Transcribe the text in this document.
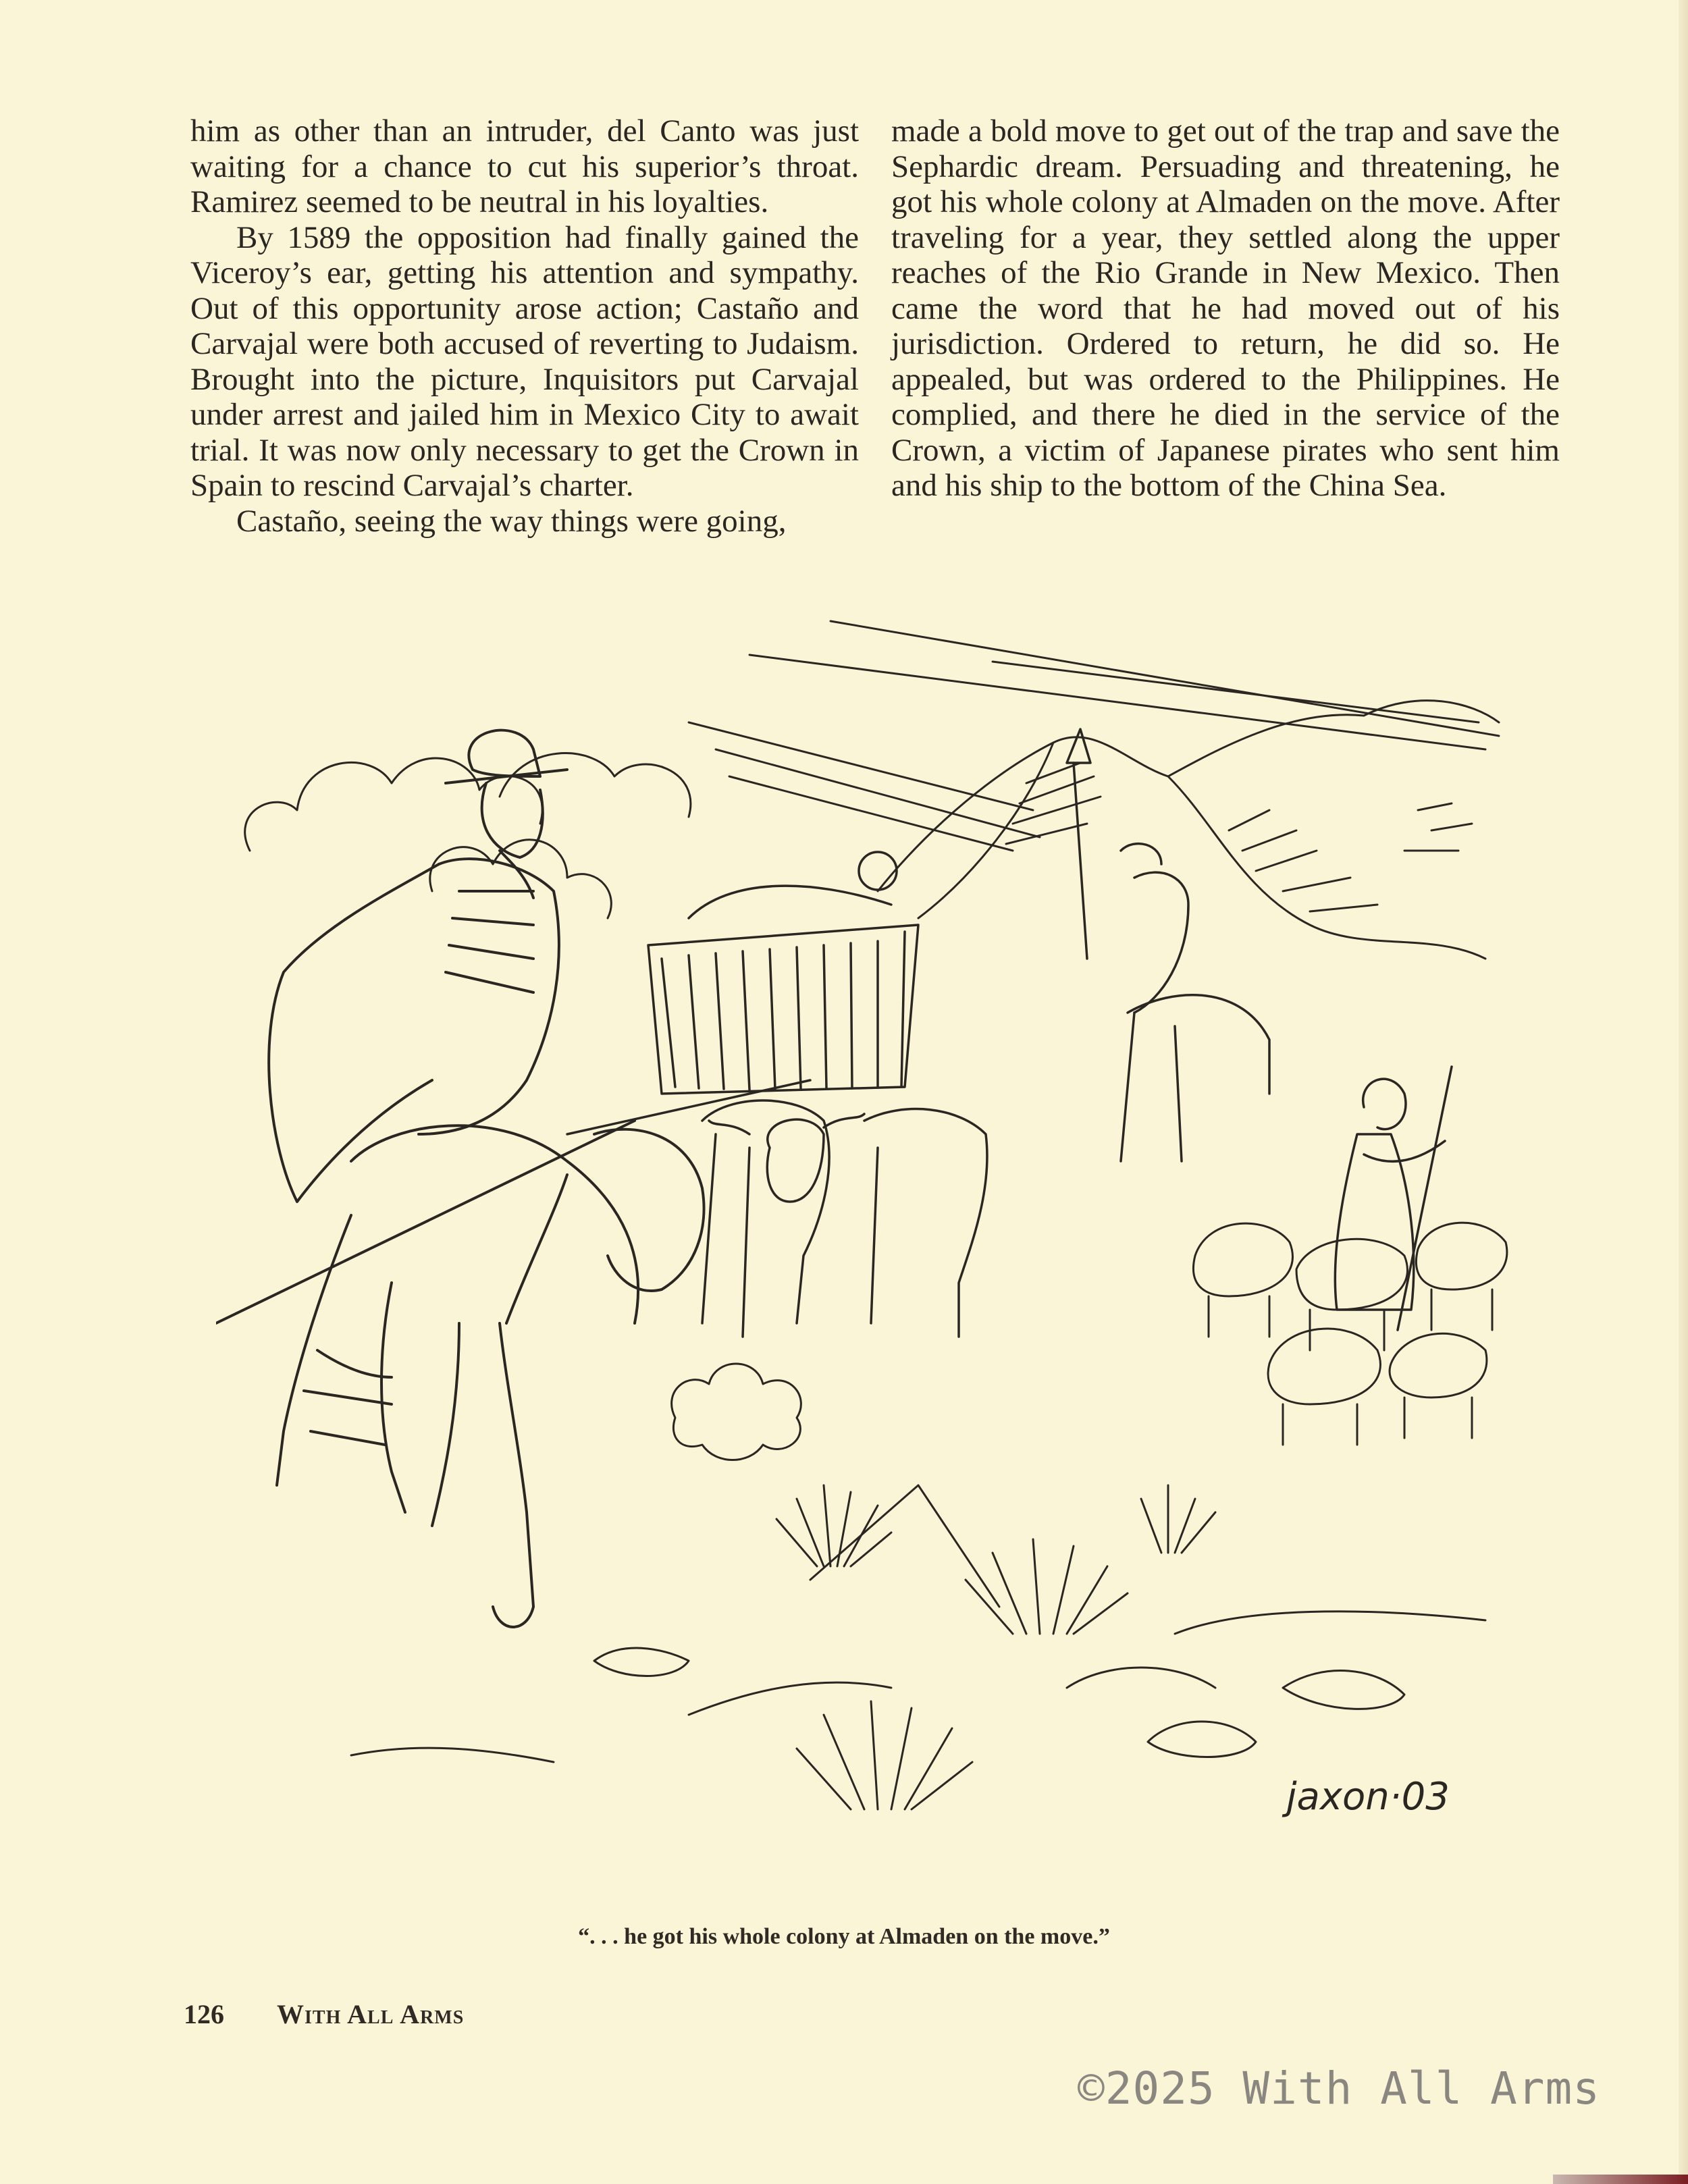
him as other than an intruder, del Canto was just waiting for a chance to cut his superior’s throat. Ramirez seemed to be neutral in his loyalties.

By 1589 the opposition had finally gained the Viceroy’s ear, getting his attention and sympathy. Out of this opportunity arose action; Castaño and Carvajal were both accused of reverting to Judaism. Brought into the picture, Inquisitors put Carvajal under arrest and jailed him in Mexico City to await trial. It was now only necessary to get the Crown in Spain to rescind Carvajal’s charter.

Castaño, seeing the way things were going,

made a bold move to get out of the trap and save the Sephardic dream. Persuading and threatening, he got his whole colony at Almaden on the move. After traveling for a year, they settled along the upper reaches of the Rio Grande in New Mexico. Then came the word that he had moved out of his jurisdiction. Ordered to return, he did so. He appealed, but was ordered to the Philippines. He complied, and there he died in the service of the Crown, a victim of Japanese pirates who sent him and his ship to the bottom of the China Sea.

jaxon·03
“. . . he got his whole colony at Almaden on the move.”
126 With All Arms
©2025 With All Arms
